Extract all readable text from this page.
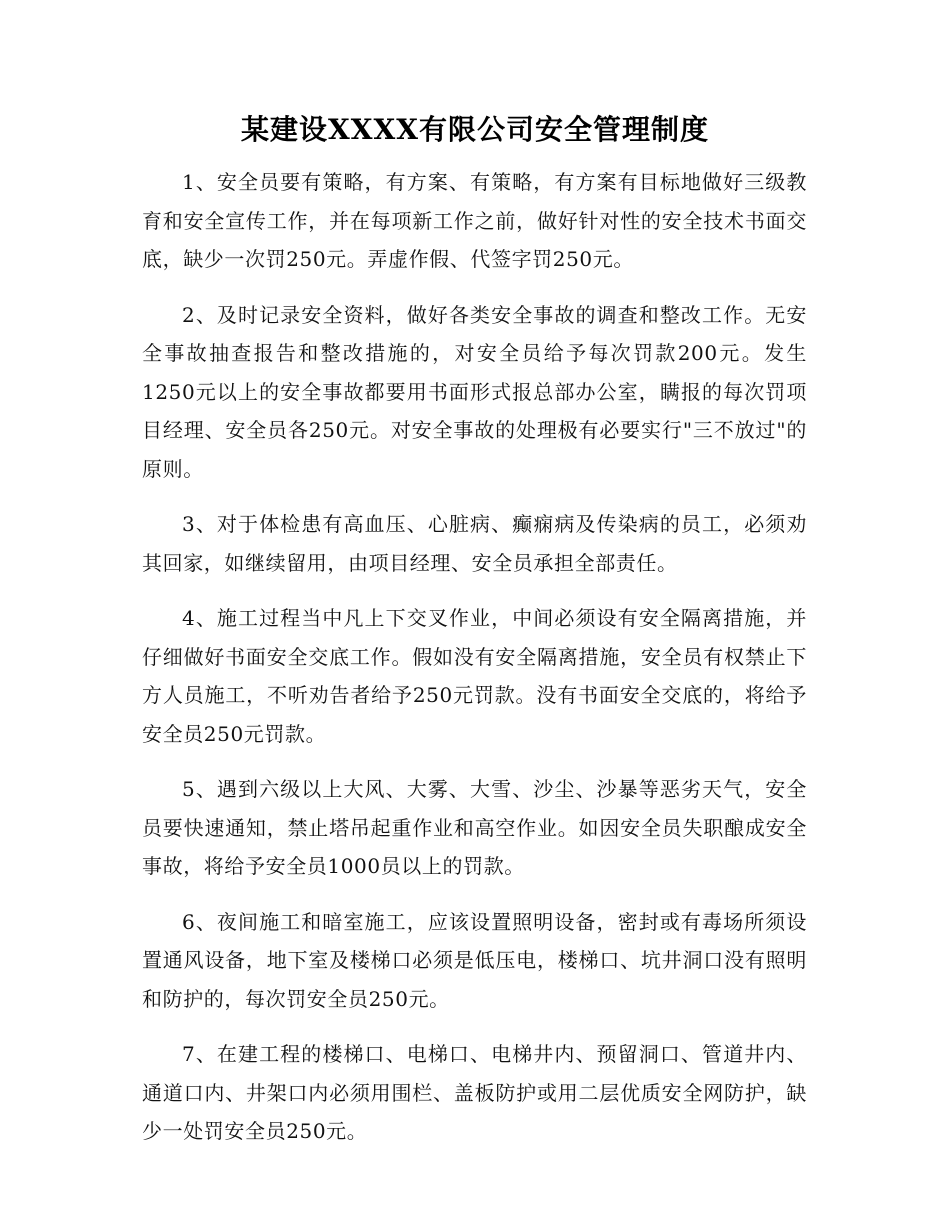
某建设XXXX有限公司安全管理制度

1、安全员要有策略，有方案、有策略，有方案有目标地做好三级教育和安全宣传工作，并在每项新工作之前，做好针对性的安全技术书面交底，缺少一次罚250元。弄虚作假、代签字罚250元。

2、及时记录安全资料，做好各类安全事故的调查和整改工作。无安全事故抽查报告和整改措施的，对安全员给予每次罚款200元。发生1250元以上的安全事故都要用书面形式报总部办公室，瞒报的每次罚项目经理、安全员各250元。对安全事故的处理极有必要实行"三不放过"的原则。

3、对于体检患有高血压、心脏病、癫痫病及传染病的员工，必须劝其回家，如继续留用，由项目经理、安全员承担全部责任。

4、施工过程当中凡上下交叉作业，中间必须设有安全隔离措施，并仔细做好书面安全交底工作。假如没有安全隔离措施，安全员有权禁止下方人员施工，不听劝告者给予250元罚款。没有书面安全交底的，将给予安全员250元罚款。

5、遇到六级以上大风、大雾、大雪、沙尘、沙暴等恶劣天气，安全员要快速通知，禁止塔吊起重作业和高空作业。如因安全员失职酿成安全事故，将给予安全员1000员以上的罚款。

6、夜间施工和暗室施工，应该设置照明设备，密封或有毒场所须设置通风设备，地下室及楼梯口必须是低压电，楼梯口、坑井洞口没有照明和防护的，每次罚安全员250元。

7、在建工程的楼梯口、电梯口、电梯井内、预留洞口、管道井内、通道口内、井架口内必须用围栏、盖板防护或用二层优质安全网防护，缺少一处罚安全员250元。
